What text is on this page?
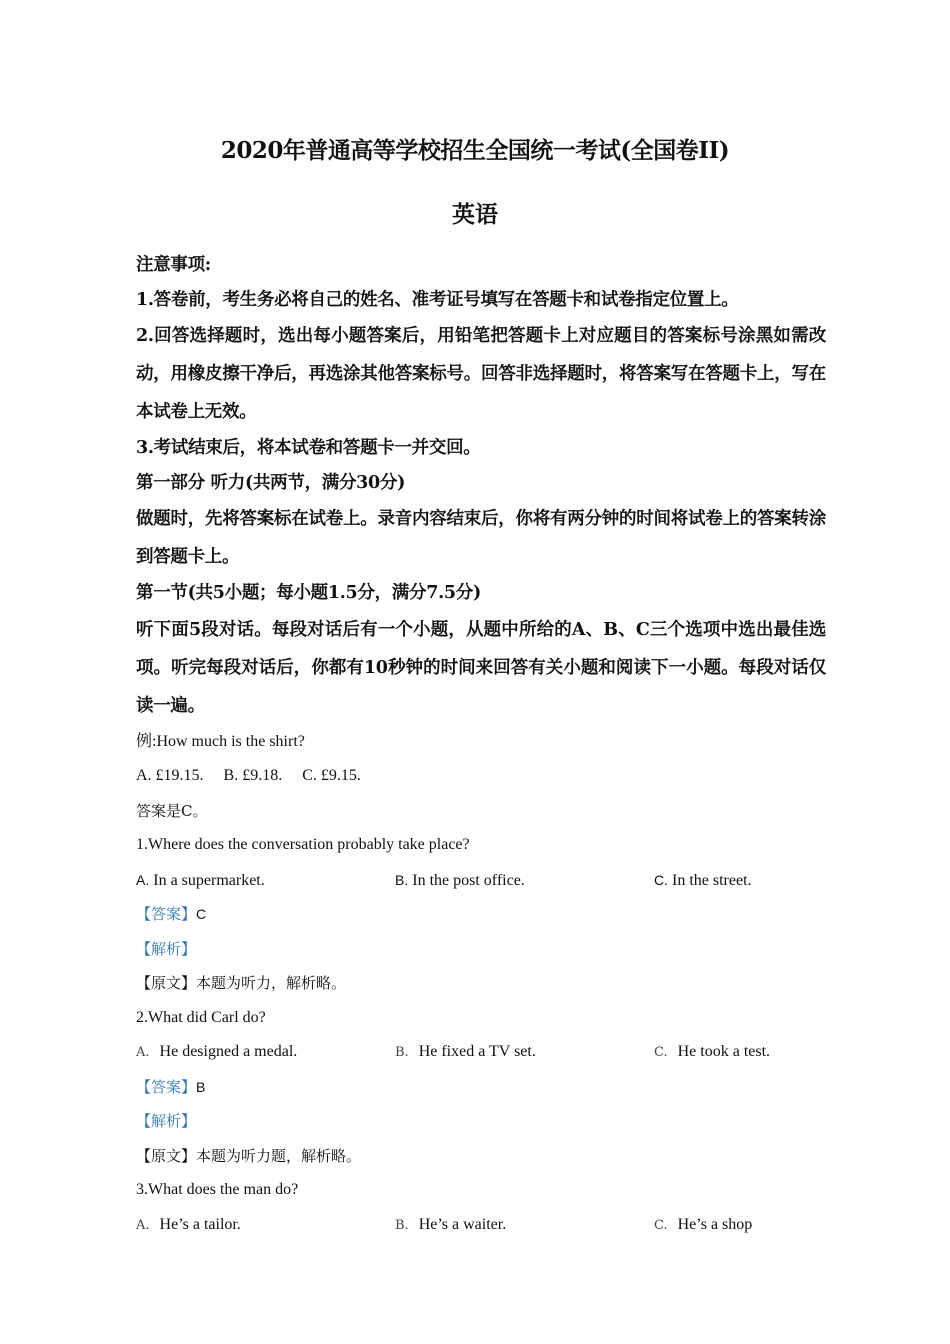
2020年普通高等学校招生全国统一考试(全国卷II)
英语
注意事项:
1.答卷前，考生务必将自己的姓名、准考证号填写在答题卡和试卷指定位置上。
2.回答选择题时，选出每小题答案后，用铅笔把答题卡上对应题目的答案标号涂黑如需改动，用橡皮擦干净后，再选涂其他答案标号。回答非选择题时，将答案写在答题卡上，写在本试卷上无效。
3.考试结束后，将本试卷和答题卡一并交回。
第一部分 听力(共两节，满分30分)
做题时，先将答案标在试卷上。录音内容结束后，你将有两分钟的时间将试卷上的答案转涂到答题卡上。
第一节(共5小题；每小题1.5分，满分7.5分)
听下面5段对话。每段对话后有一个小题，从题中所给的A、B、C三个选项中选出最佳选项。听完每段对话后，你都有10秒钟的时间来回答有关小题和阅读下一小题。每段对话仅读一遍。
例:How much is the shirt?
A. £19.15.     B. £9.18.     C. £9.15.
答案是C。
1.Where does the conversation probably take place?
A. In a supermarket.	B. In the post office.	C. In the street.
【答案】C
【解析】
【原文】本题为听力，解析略。
2.What did Carl do?
A. He designed a medal.	B. He fixed a TV set.	C. He took a test.
【答案】B
【解析】
【原文】本题为听力题，解析略。
3.What does the man do?
A. He’s a tailor.	B. He’s a waiter.	C. He’s a shop
